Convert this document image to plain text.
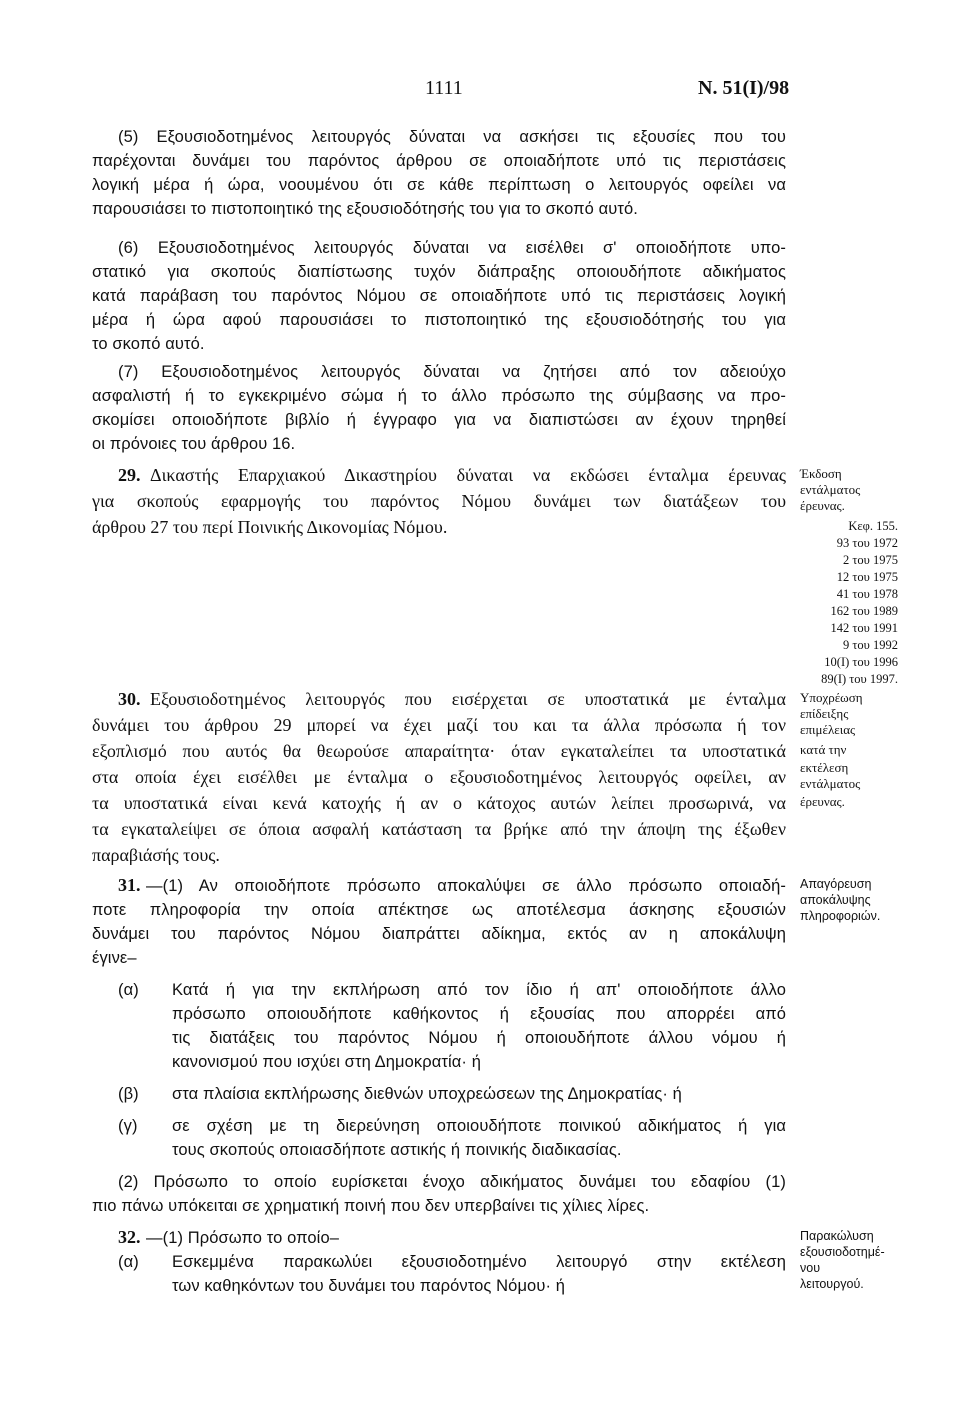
1111	N. 51(I)/98
(5) Εξουσιοδοτημένος λειτουργός δύναται να ασκήσει τις εξουσίες που του
παρέχονται δυνάμει του παρόντος άρθρου σε οποιαδήποτε υπό τις περιστάσεις
λογική μέρα ή ώρα, νοουμένου ότι σε κάθε περίπτωση ο λειτουργός οφείλει να
παρουσιάσει το πιστοποιητικό της εξουσιοδότησής του για το σκοπό αυτό.
(6) Εξουσιοδοτημένος λειτουργός δύναται να εισέλθει σ' οποιοδήποτε υπο-
στατικό για σκοπούς διαπίστωσης τυχόν διάπραξης οποιουδήποτε αδικήματος
κατά παράβαση του παρόντος Νόμου σε οποιαδήποτε υπό τις περιστάσεις λογική
μέρα ή ώρα αφού παρουσιάσει το πιστοποιητικό της εξουσιοδότησής του για
το σκοπό αυτό.
(7) Εξουσιοδοτημένος λειτουργός δύναται να ζητήσει από τον αδειούχο
ασφαλιστή ή το εγκεκριμένο σώμα ή το άλλο πρόσωπο της σύμβασης να προ-
σκομίσει οποιοδήποτε βιβλίο ή έγγραφο για να διαπιστώσει αν έχουν τηρηθεί
οι πρόνοιες του άρθρου 16.
29. Δικαστής Επαρχιακού Δικαστηρίου δύναται να εκδώσει ένταλμα έρευνας
για σκοπούς εφαρμογής του παρόντος Νόμου δυνάμει των διατάξεων του
άρθρου 27 του περί Ποινικής Δικονομίας Νόμου.
Έκδοση
εντάλματος
έρευνας.
Κεφ. 155.
93 του 1972
2 του 1975
12 του 1975
41 του 1978
162 του 1989
142 του 1991
9 του 1992
10(I) του 1996
89(I) του 1997.
30. Εξουσιοδοτημένος λειτουργός που εισέρχεται σε υποστατικά με ένταλμα
δυνάμει του άρθρου 29 μπορεί να έχει μαζί του και τα άλλα πρόσωπα ή τον
εξοπλισμό που αυτός θα θεωρούσε απαραίτητα· όταν εγκαταλείπει τα υποστατικά
στα οποία έχει εισέλθει με ένταλμα ο εξουσιοδοτημένος λειτουργός οφείλει, αν
τα υποστατικά είναι κενά κατοχής ή αν ο κάτοχος αυτών λείπει προσωρινά, να
τα εγκαταλείψει σε όποια ασφαλή κατάσταση τα βρήκε από την άποψη της έξωθεν
παραβιάσής τους.
Υποχρέωση
επίδειξης
επιμέλειας
κατά την
εκτέλεση
εντάλματος
έρευνας.
31. —(1) Αν οποιοδήποτε πρόσωπο αποκαλύψει σε άλλο πρόσωπο οποιαδή-
ποτε πληροφορία την οποία απέκτησε ως αποτέλεσμα άσκησης εξουσιών
δυνάμει του παρόντος Νόμου διαπράττει αδίκημα, εκτός αν η αποκάλυψη
έγινε–
Απαγόρευση
αποκάλυψης
πληροφοριών.
(α) Κατά ή για την εκπλήρωση από τον ίδιο ή απ' οποιοδήποτε άλλο
πρόσωπο οποιουδήποτε καθήκοντος ή εξουσίας που απορρέει από
τις διατάξεις του παρόντος Νόμου ή οποιουδήποτε άλλου νόμου ή
κανονισμού που ισχύει στη Δημοκρατία· ή
(β) στα πλαίσια εκπλήρωσης διεθνών υποχρεώσεων της Δημοκρατίας· ή
(γ) σε σχέση με τη διερεύνηση οποιουδήποτε ποινικού αδικήματος ή για
τους σκοπούς οποιασδήποτε αστικής ή ποινικής διαδικασίας.
(2) Πρόσωπο το οποίο ευρίσκεται ένοχο αδικήματος δυνάμει του εδαφίου (1)
πιο πάνω υπόκειται σε χρηματική ποινή που δεν υπερβαίνει τις χίλιες λίρες.
32. —(1) Πρόσωπο το οποίο–
(α) Εσκεμμένα παρακωλύει εξουσιοδοτημένο λειτουργό στην εκτέλεση
των καθηκόντων του δυνάμει του παρόντος Νόμου· ή
Παρακώλυση
εξουσιοδοτημέ-
νου
λειτουργού.
